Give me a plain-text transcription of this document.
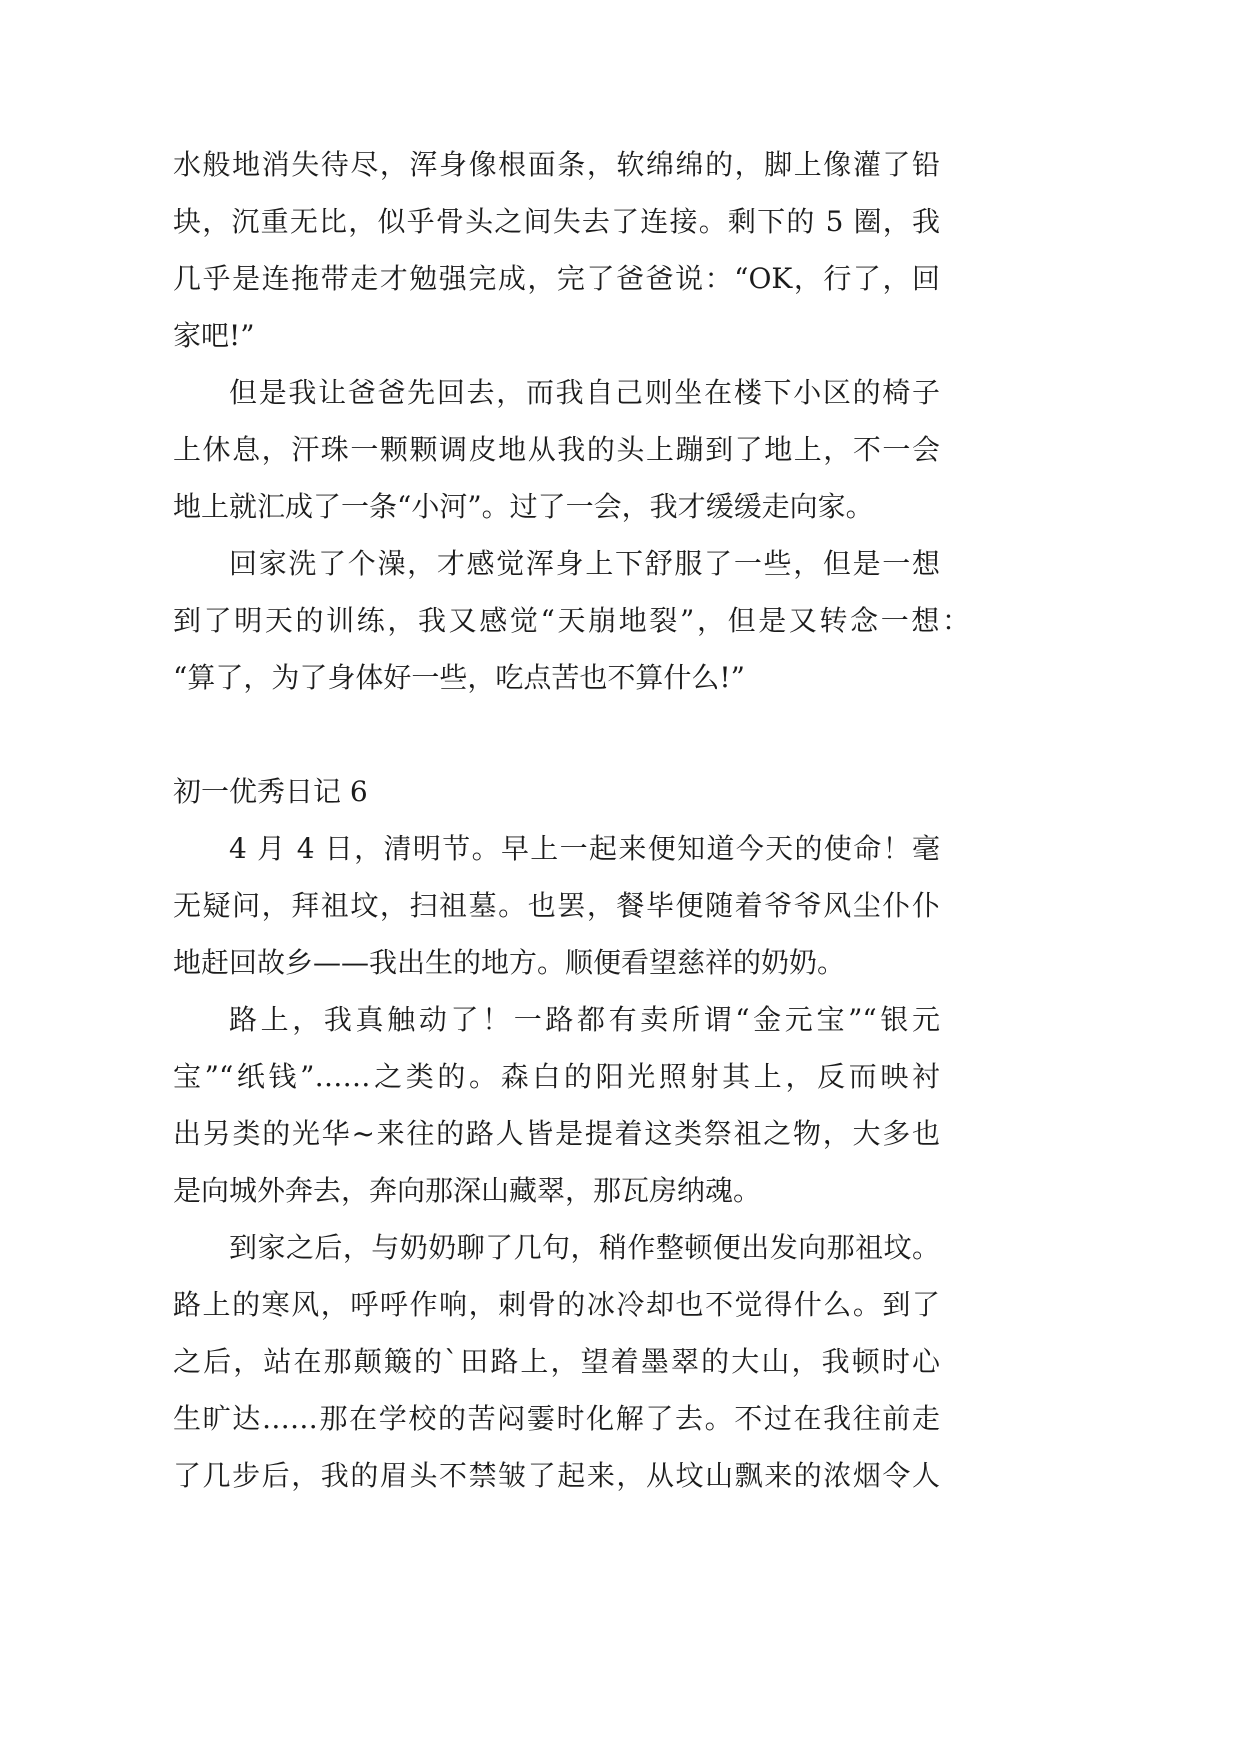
水般地消失待尽，浑身像根面条，软绵绵的，脚上像灌了铅
块，沉重无比，似乎骨头之间失去了连接。剩下的 5 圈，我
几乎是连拖带走才勉强完成，完了爸爸说：“OK，行了，回
家吧!”
但是我让爸爸先回去，而我自己则坐在楼下小区的椅子
上休息，汗珠一颗颗调皮地从我的头上蹦到了地上，不一会
地上就汇成了一条“小河”。过了一会，我才缓缓走向家。
回家洗了个澡，才感觉浑身上下舒服了一些，但是一想
到了明天的训练，我又感觉“天崩地裂”，但是又转念一想：
“算了，为了身体好一些，吃点苦也不算什么!”
初一优秀日记 6
4 月 4 日，清明节。早上一起来便知道今天的使命！毫
无疑问，拜祖坟，扫祖墓。也罢，餐毕便随着爷爷风尘仆仆
地赶回故乡——我出生的地方。顺便看望慈祥的奶奶。
路上，我真触动了！一路都有卖所谓“金元宝”“银元
宝”“纸钱”……之类的。森白的阳光照射其上，反而映衬
出另类的光华~来往的路人皆是提着这类祭祖之物，大多也
是向城外奔去，奔向那深山藏翠，那瓦房纳魂。
到家之后，与奶奶聊了几句，稍作整顿便出发向那祖坟。
路上的寒风，呼呼作响，刺骨的冰冷却也不觉得什么。到了
之后，站在那颠簸的`田路上，望着墨翠的大山，我顿时心
生旷达……那在学校的苦闷霎时化解了去。不过在我往前走
了几步后，我的眉头不禁皱了起来，从坟山飘来的浓烟令人
